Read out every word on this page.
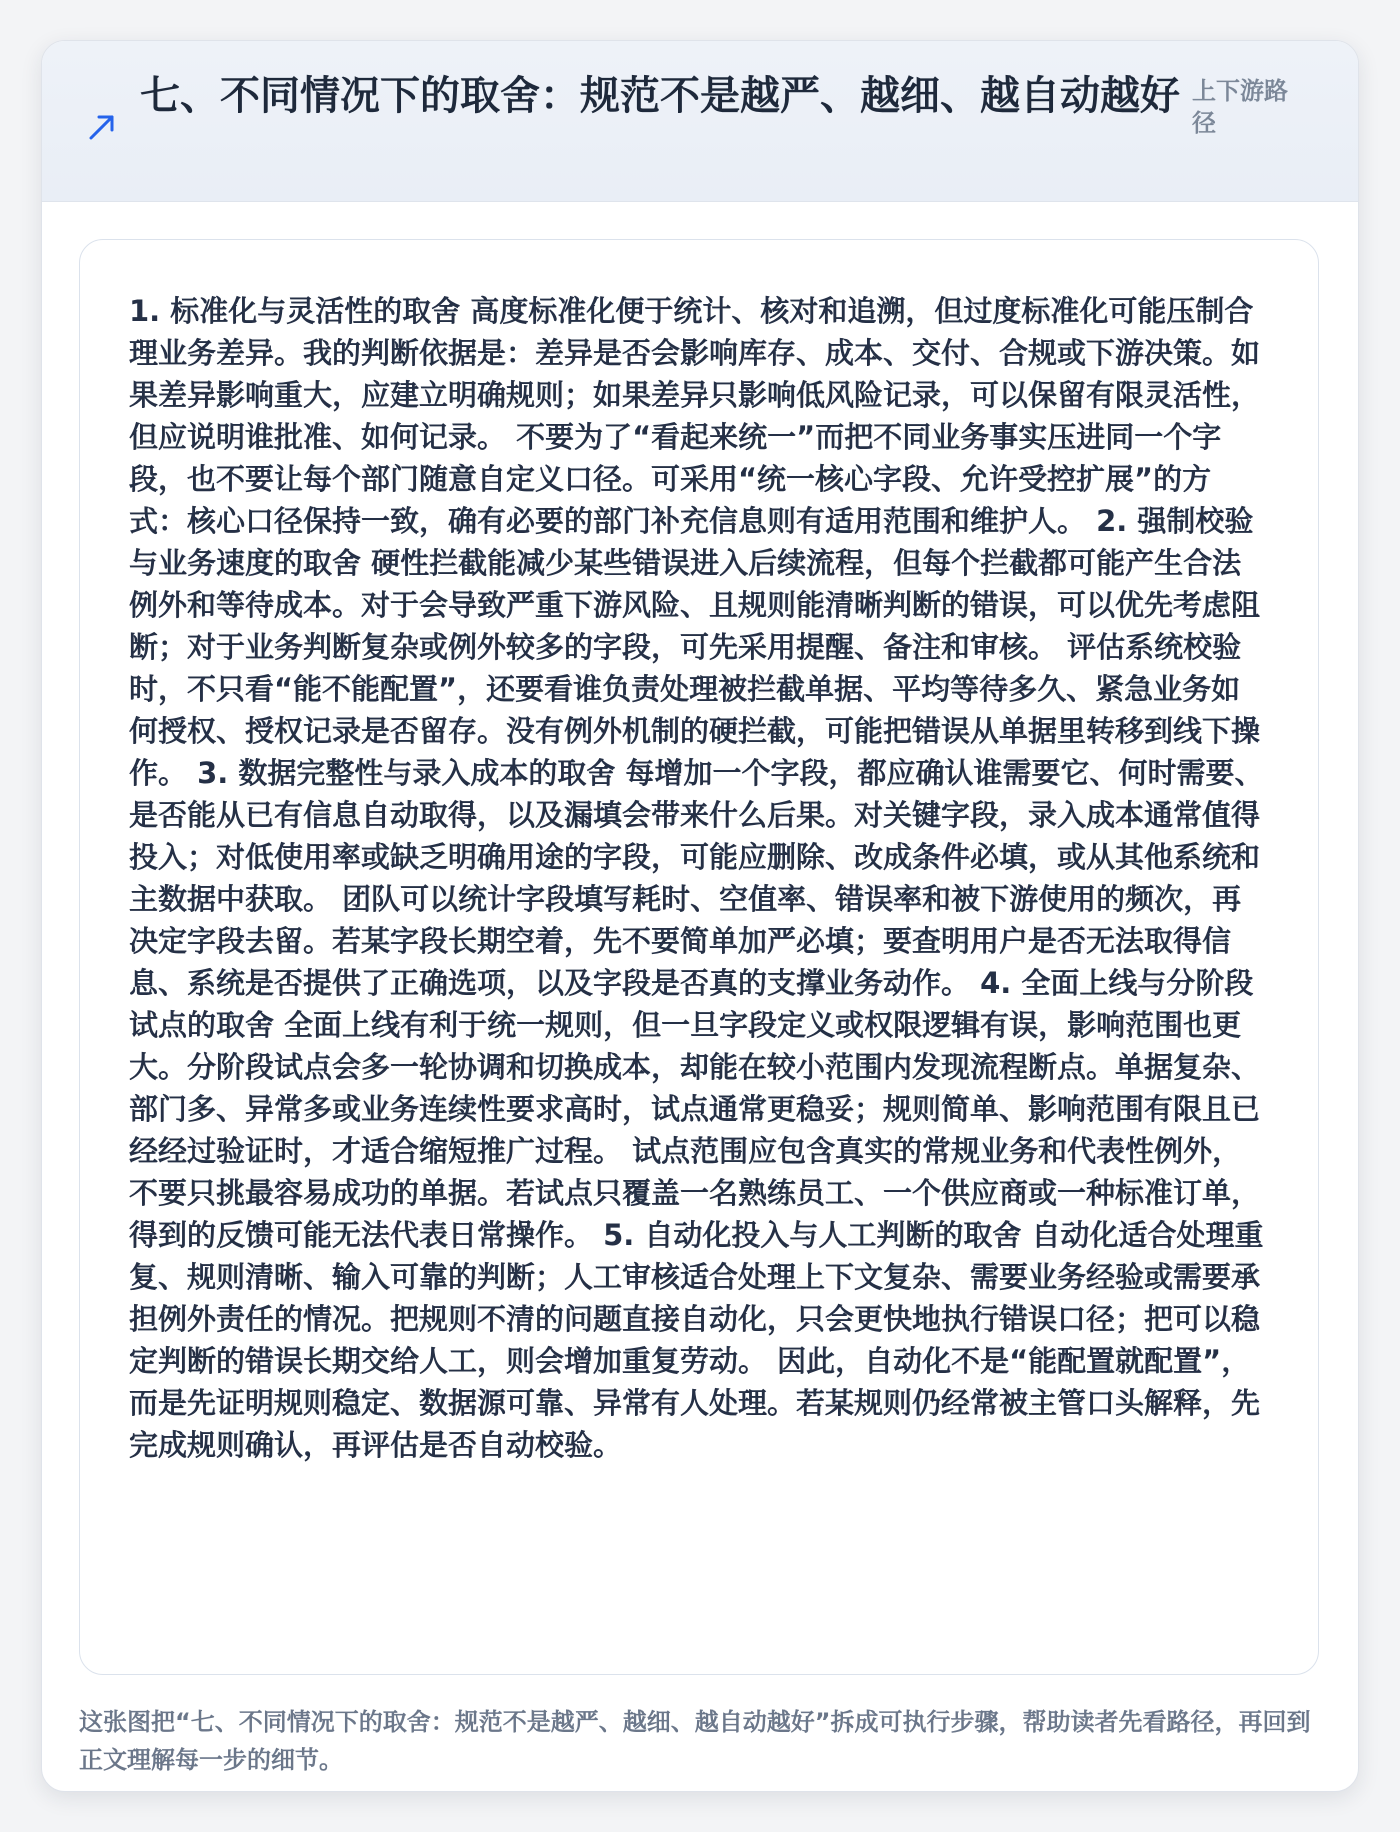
七、不同情况下的取舍：规范不是越严、越细、越自动越好 上下游路径

1. 标准化与灵活性的取舍 高度标准化便于统计、核对和追溯，但过度标准化可能压制合理业务差异。我的判断依据是：差异是否会影响库存、成本、交付、合规或下游决策。如果差异影响重大，应建立明确规则；如果差异只影响低风险记录，可以保留有限灵活性，但应说明谁批准、如何记录。 不要为了“看起来统一”而把不同业务事实压进同一个字段，也不要让每个部门随意自定义口径。可采用“统一核心字段、允许受控扩展”的方式：核心口径保持一致，确有必要的部门补充信息则有适用范围和维护人。 2. 强制校验与业务速度的取舍 硬性拦截能减少某些错误进入后续流程，但每个拦截都可能产生合法例外和等待成本。对于会导致严重下游风险、且规则能清晰判断的错误，可以优先考虑阻断；对于业务判断复杂或例外较多的字段，可先采用提醒、备注和审核。 评估系统校验时，不只看“能不能配置”，还要看谁负责处理被拦截单据、平均等待多久、紧急业务如何授权、授权记录是否留存。没有例外机制的硬拦截，可能把错误从单据里转移到线下操作。 3. 数据完整性与录入成本的取舍 每增加一个字段，都应确认谁需要它、何时需要、是否能从已有信息自动取得，以及漏填会带来什么后果。对关键字段，录入成本通常值得投入；对低使用率或缺乏明确用途的字段，可能应删除、改成条件必填，或从其他系统和主数据中获取。 团队可以统计字段填写耗时、空值率、错误率和被下游使用的频次，再决定字段去留。若某字段长期空着，先不要简单加严必填；要查明用户是否无法取得信息、系统是否提供了正确选项，以及字段是否真的支撑业务动作。 4. 全面上线与分阶段试点的取舍 全面上线有利于统一规则，但一旦字段定义或权限逻辑有误，影响范围也更大。分阶段试点会多一轮协调和切换成本，却能在较小范围内发现流程断点。单据复杂、部门多、异常多或业务连续性要求高时，试点通常更稳妥；规则简单、影响范围有限且已经经过验证时，才适合缩短推广过程。 试点范围应包含真实的常规业务和代表性例外，不要只挑最容易成功的单据。若试点只覆盖一名熟练员工、一个供应商或一种标准订单，得到的反馈可能无法代表日常操作。 5. 自动化投入与人工判断的取舍 自动化适合处理重复、规则清晰、输入可靠的判断；人工审核适合处理上下文复杂、需要业务经验或需要承担例外责任的情况。把规则不清的问题直接自动化，只会更快地执行错误口径；把可以稳定判断的错误长期交给人工，则会增加重复劳动。 因此，自动化不是“能配置就配置”，而是先证明规则稳定、数据源可靠、异常有人处理。若某规则仍经常被主管口头解释，先完成规则确认，再评估是否自动校验。

这张图把“七、不同情况下的取舍：规范不是越严、越细、越自动越好”拆成可执行步骤，帮助读者先看路径，再回到正文理解每一步的细节。
